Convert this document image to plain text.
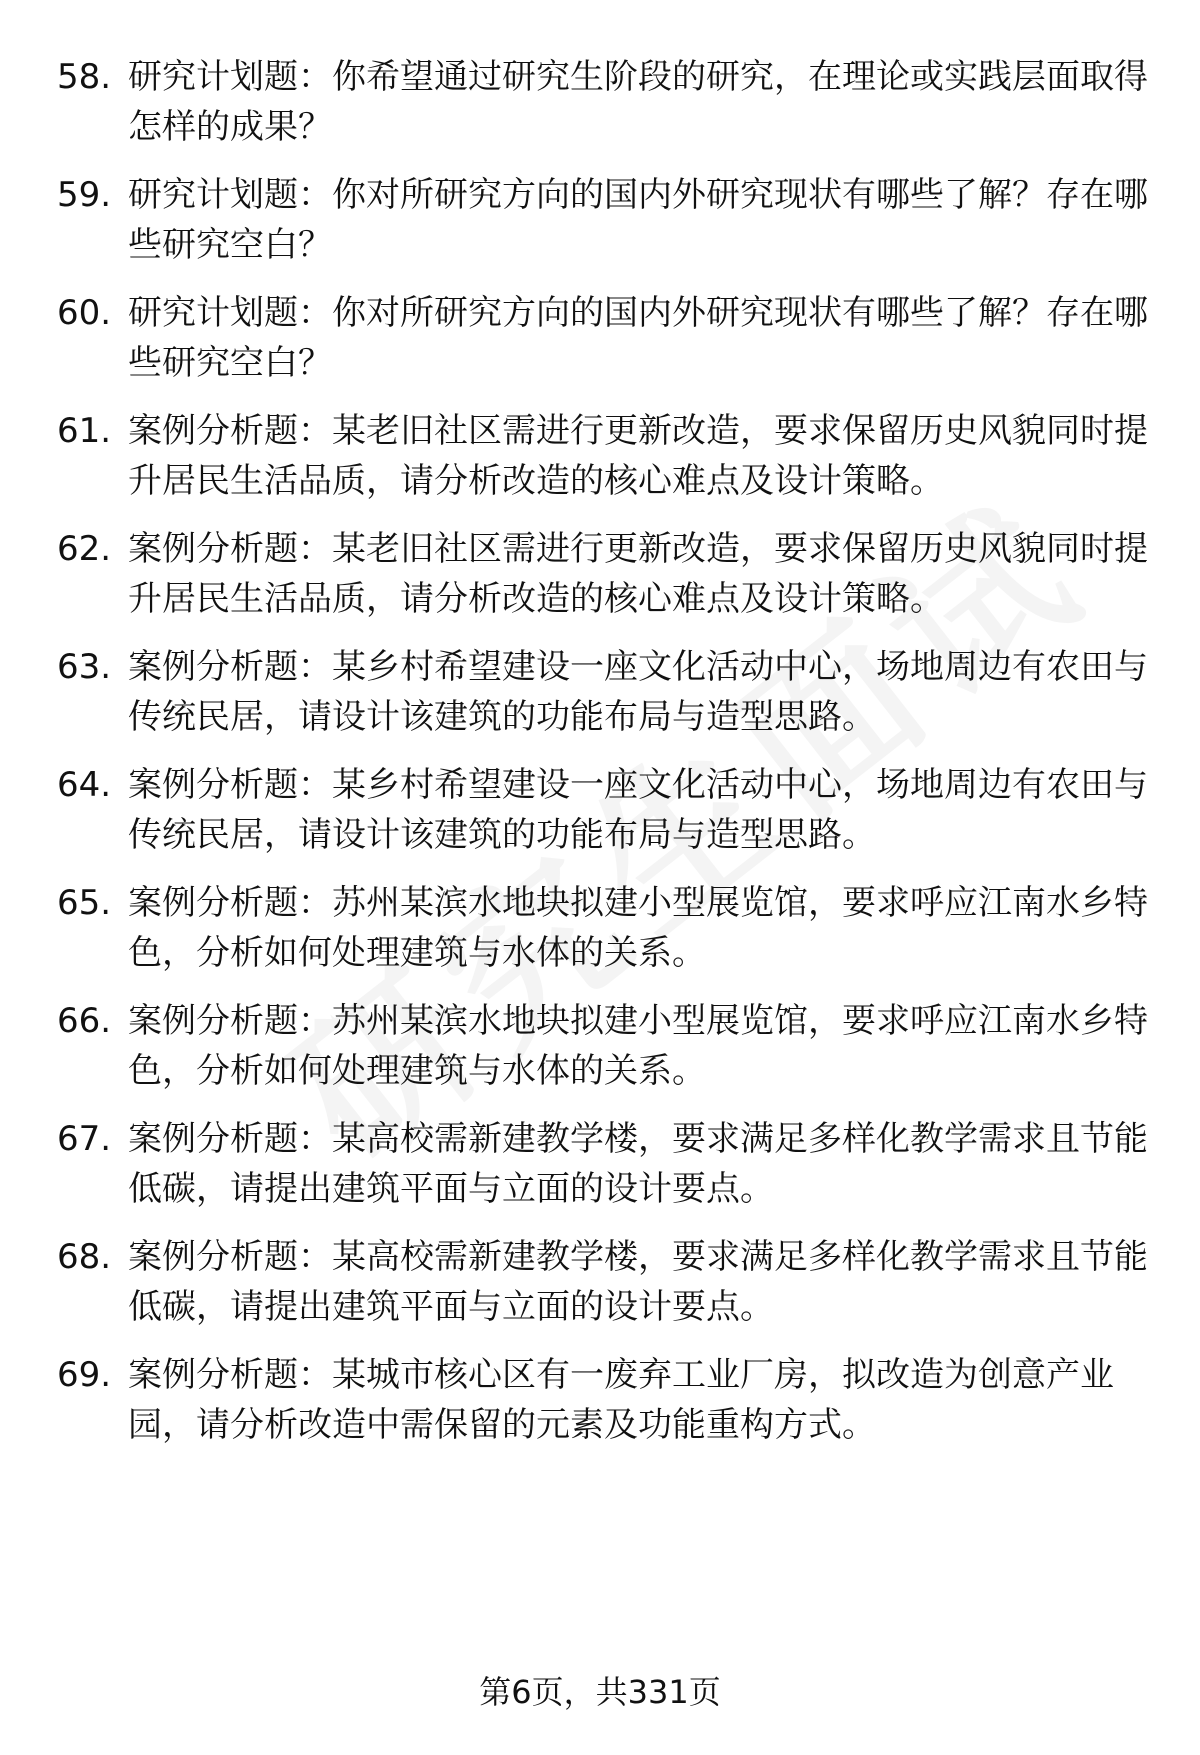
58. 研究计划题：你希望通过研究生阶段的研究，在理论或实践层面取得怎样的成果？
59. 研究计划题：你对所研究方向的国内外研究现状有哪些了解？存在哪些研究空白？
60. 研究计划题：你对所研究方向的国内外研究现状有哪些了解？存在哪些研究空白？
61. 案例分析题：某老旧社区需进行更新改造，要求保留历史风貌同时提升居民生活品质，请分析改造的核心难点及设计策略。
62. 案例分析题：某老旧社区需进行更新改造，要求保留历史风貌同时提升居民生活品质，请分析改造的核心难点及设计策略。
63. 案例分析题：某乡村希望建设一座文化活动中心，场地周边有农田与传统民居，请设计该建筑的功能布局与造型思路。
64. 案例分析题：某乡村希望建设一座文化活动中心，场地周边有农田与传统民居，请设计该建筑的功能布局与造型思路。
65. 案例分析题：苏州某滨水地块拟建小型展览馆，要求呼应江南水乡特色，分析如何处理建筑与水体的关系。
66. 案例分析题：苏州某滨水地块拟建小型展览馆，要求呼应江南水乡特色，分析如何处理建筑与水体的关系。
67. 案例分析题：某高校需新建教学楼，要求满足多样化教学需求且节能低碳，请提出建筑平面与立面的设计要点。
68. 案例分析题：某高校需新建教学楼，要求满足多样化教学需求且节能低碳，请提出建筑平面与立面的设计要点。
69. 案例分析题：某城市核心区有一废弃工业厂房，拟改造为创意产业园，请分析改造中需保留的元素及功能重构方式。
第6页，共331页
